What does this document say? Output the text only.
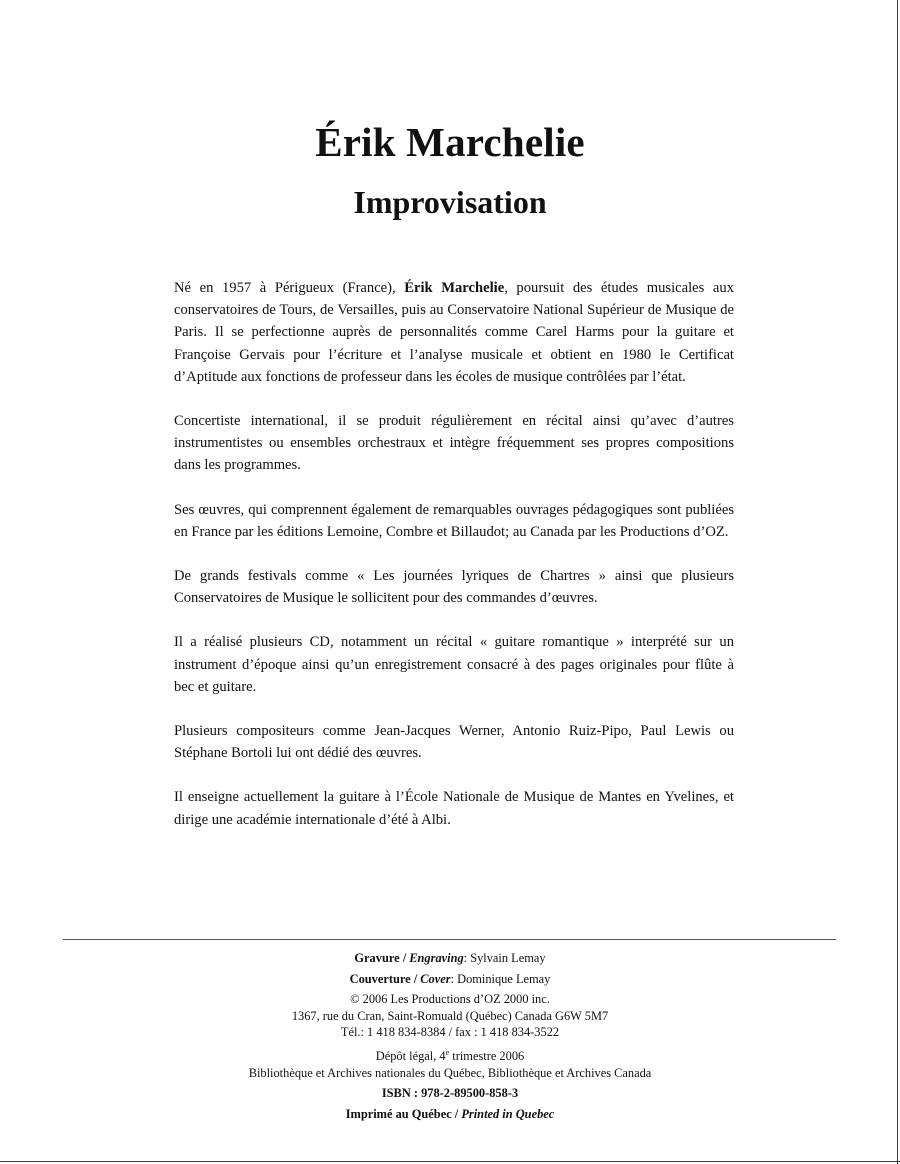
Érik Marchelie
Improvisation

Né en 1957 à Périgueux (France), Érik Marchelie, poursuit des études musicales aux conservatoires de Tours, de Versailles, puis au Conservatoire National Supérieur de Musique de Paris. Il se perfectionne auprès de personnalités comme Carel Harms pour la guitare et Françoise Gervais pour l’écriture et l’analyse musicale et obtient en 1980 le Certificat d’Aptitude aux fonctions de professeur dans les écoles de musique contrôlées par l’état.

Concertiste international, il se produit régulièrement en récital ainsi qu’avec d’autres instrumentistes ou ensembles orchestraux et intègre fréquemment ses propres compositions dans les programmes.

Ses œuvres, qui comprennent également de remarquables ouvrages pédagogiques sont publiées en France par les éditions Lemoine, Combre et Billaudot; au Canada par les Productions d’OZ.

De grands festivals comme « Les journées lyriques de Chartres » ainsi que plusieurs Conservatoires de Musique le sollicitent pour des commandes d’œuvres.

Il a réalisé plusieurs CD, notamment un récital « guitare romantique » interprété sur un instrument d’époque ainsi qu’un enregistrement consacré à des pages originales pour flûte à bec et guitare.

Plusieurs compositeurs comme Jean-Jacques Werner, Antonio Ruiz-Pipo, Paul Lewis ou Stéphane Bortoli lui ont dédié des œuvres.

Il enseigne actuellement la guitare à l’École Nationale de Musique de Mantes en Yvelines, et dirige une académie internationale d’été à Albi.

Gravure / Engraving: Sylvain Lemay
Couverture / Cover: Dominique Lemay
© 2006 Les Productions d’OZ 2000 inc.
1367, rue du Cran, Saint-Romuald (Québec) Canada G6W 5M7
Tél.: 1 418 834-8384 / fax : 1 418 834-3522
Dépôt légal, 4e trimestre 2006
Bibliothèque et Archives nationales du Québec, Bibliothèque et Archives Canada
ISBN : 978-2-89500-858-3
Imprimé au Québec / Printed in Quebec
